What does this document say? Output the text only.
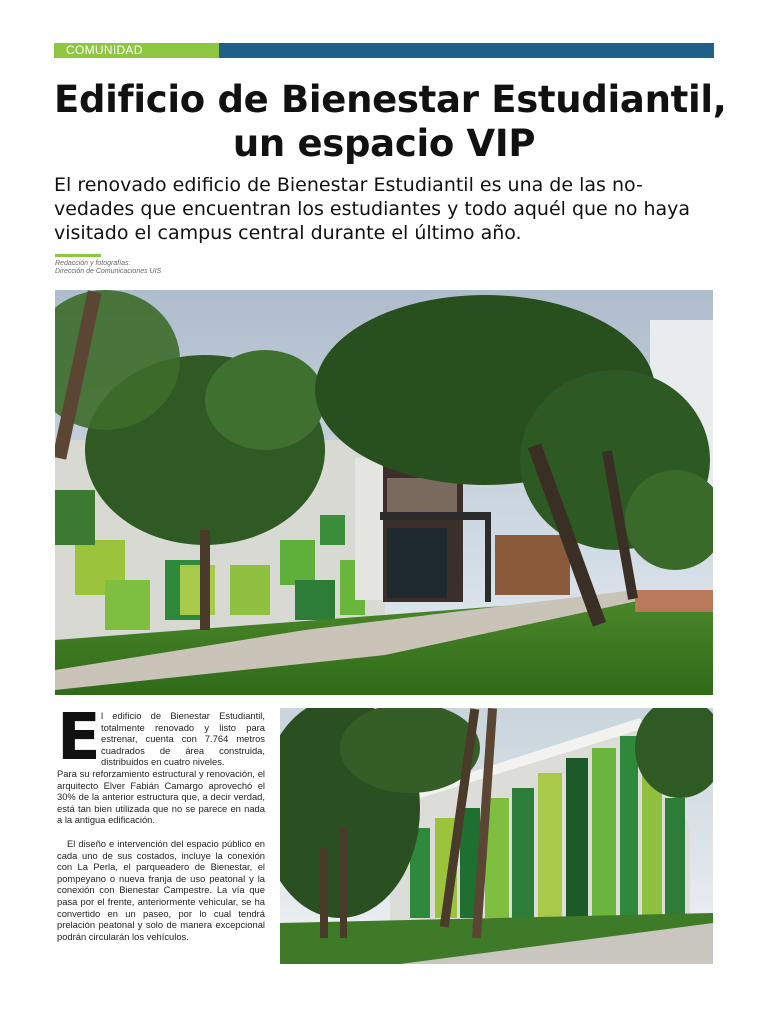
COMUNIDAD
Edificio de Bienestar Estudiantil,
un espacio VIP
El renovado edificio de Bienestar Estudiantil es una de las no-vedades que encuentran los estudiantes y todo aquél que no haya visitado el campus central durante el último año.
Redacción y fotografías:
Dirección de Comunicaciones UIS
E l edificio de Bienestar Estudiantil, totalmente renovado y listo para estrenar, cuenta con 7.764 metros cuadrados de área construida, distribuidos en cuatro niveles.
Para su reforzamiento estructural y renovación, el arquitecto Elver Fabián Camargo aprovechó el 30% de la anterior estructura que, a decir verdad, está tan bien utilizada que no se parece en nada a la antigua edificación.

El diseño e intervención del espacio público en cada uno de sus costados, incluye la conexión con La Perla, el parqueadero de Bienestar, el pompeyano o nueva franja de uso peatonal y la conexión con Bienestar Campestre. La vía que pasa por el frente, anteriormente vehicular, se ha convertido en un paseo, por lo cual tendrá prelación peatonal y solo de manera excepcional podrán circularán los vehículos.
